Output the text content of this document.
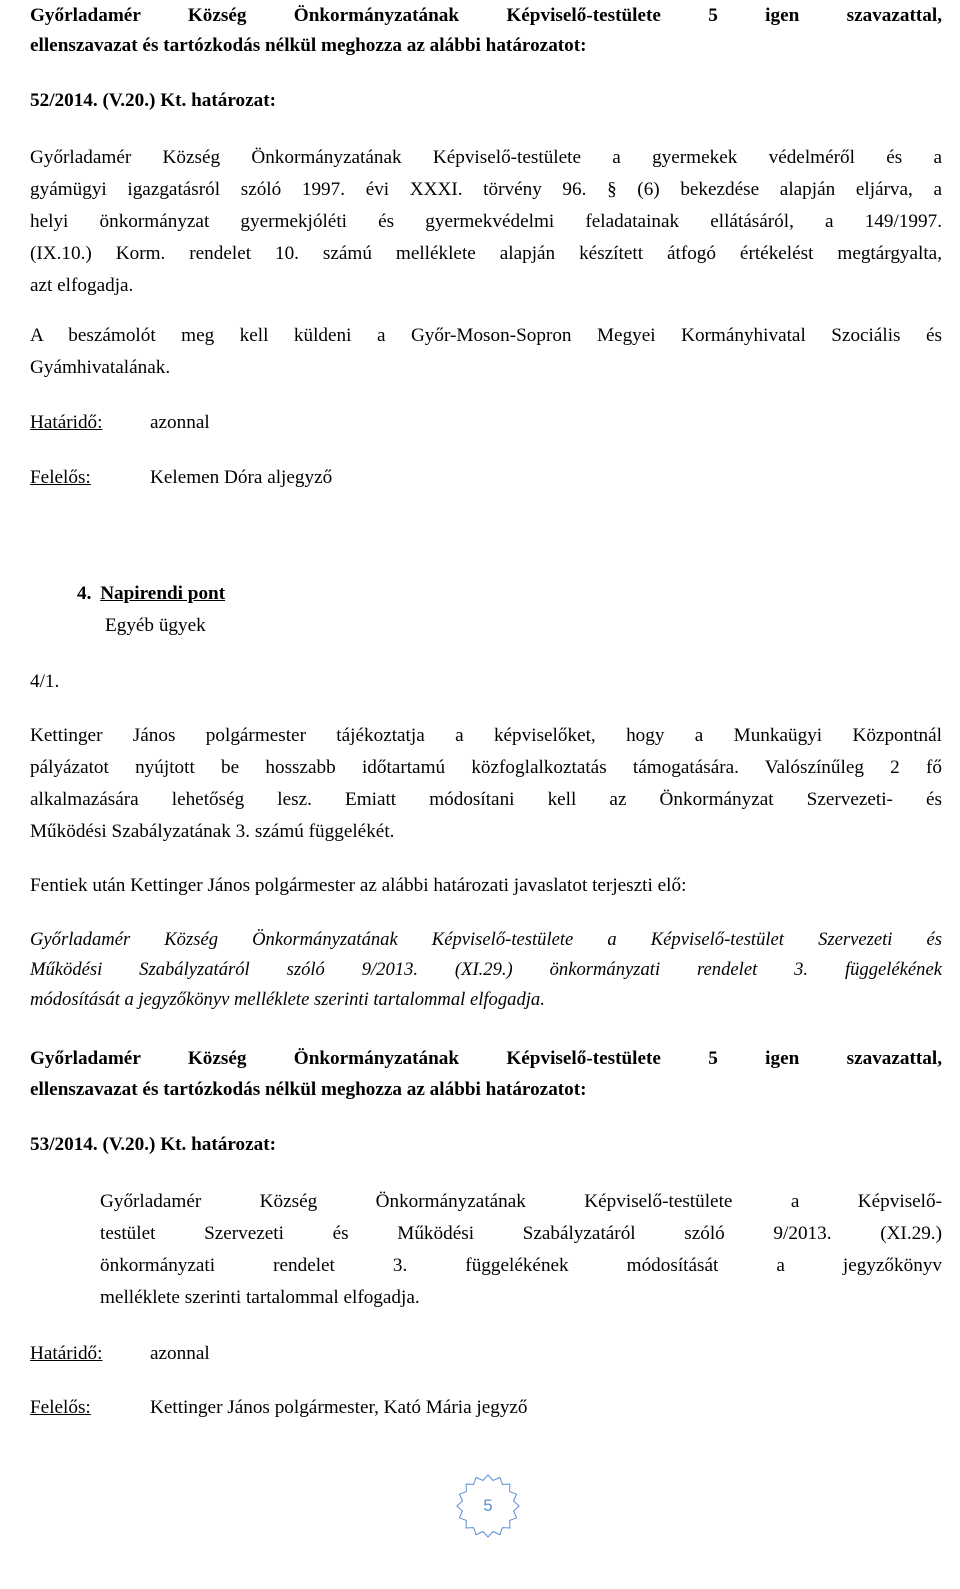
Győrladamér Község Önkormányzatának Képviselő-testülete 5 igen szavazattal,
ellenszavazat és tartózkodás nélkül meghozza az alábbi határozatot:
52/2014. (V.20.) Kt. határozat:
Győrladamér Község Önkormányzatának Képviselő-testülete a gyermekek védelméről és a
gyámügyi igazgatásról szóló 1997. évi XXXI. törvény 96. § (6) bekezdése alapján eljárva, a
helyi önkormányzat gyermekjóléti és gyermekvédelmi feladatainak ellátásáról, a 149/1997.
(IX.10.) Korm. rendelet 10. számú melléklete alapján készített átfogó értékelést megtárgyalta,
azt elfogadja.
A beszámolót meg kell küldeni a Győr-Moson-Sopron Megyei Kormányhivatal Szociális és
Gyámhivatalának.
Határidő: azonnal
Felelős:	Kelemen Dóra aljegyző
4. Napirendi pont
Egyéb ügyek
4/1.
Kettinger János polgármester tájékoztatja a képviselőket, hogy a Munkaügyi Központnál
pályázatot nyújtott be hosszabb időtartamú közfoglalkoztatás támogatására. Valószínűleg 2 fő
alkalmazására lehetőség lesz. Emiatt módosítani kell az Önkormányzat Szervezeti- és
Működési Szabályzatának 3. számú függelékét.
Fentiek után Kettinger János polgármester az alábbi határozati javaslatot terjeszti elő:
Győrladamér Község Önkormányzatának Képviselő-testülete a Képviselő-testület Szervezeti és
Működési Szabályzatáról szóló 9/2013. (XI.29.) önkormányzati rendelet 3. függelékének
módosítását a jegyzőkönyv melléklete szerinti tartalommal elfogadja.
Győrladamér Község Önkormányzatának Képviselő-testülete 5 igen szavazattal,
ellenszavazat és tartózkodás nélkül meghozza az alábbi határozatot:
53/2014. (V.20.) Kt. határozat:
Győrladamér Község Önkormányzatának Képviselő-testülete a Képviselő-
testület Szervezeti és Működési Szabályzatáról szóló 9/2013. (XI.29.)
önkormányzati rendelet 3. függelékének módosítását a jegyzőkönyv
melléklete szerinti tartalommal elfogadja.
Határidő: azonnal
Felelős:	Kettinger János polgármester, Kató Mária jegyző
5
